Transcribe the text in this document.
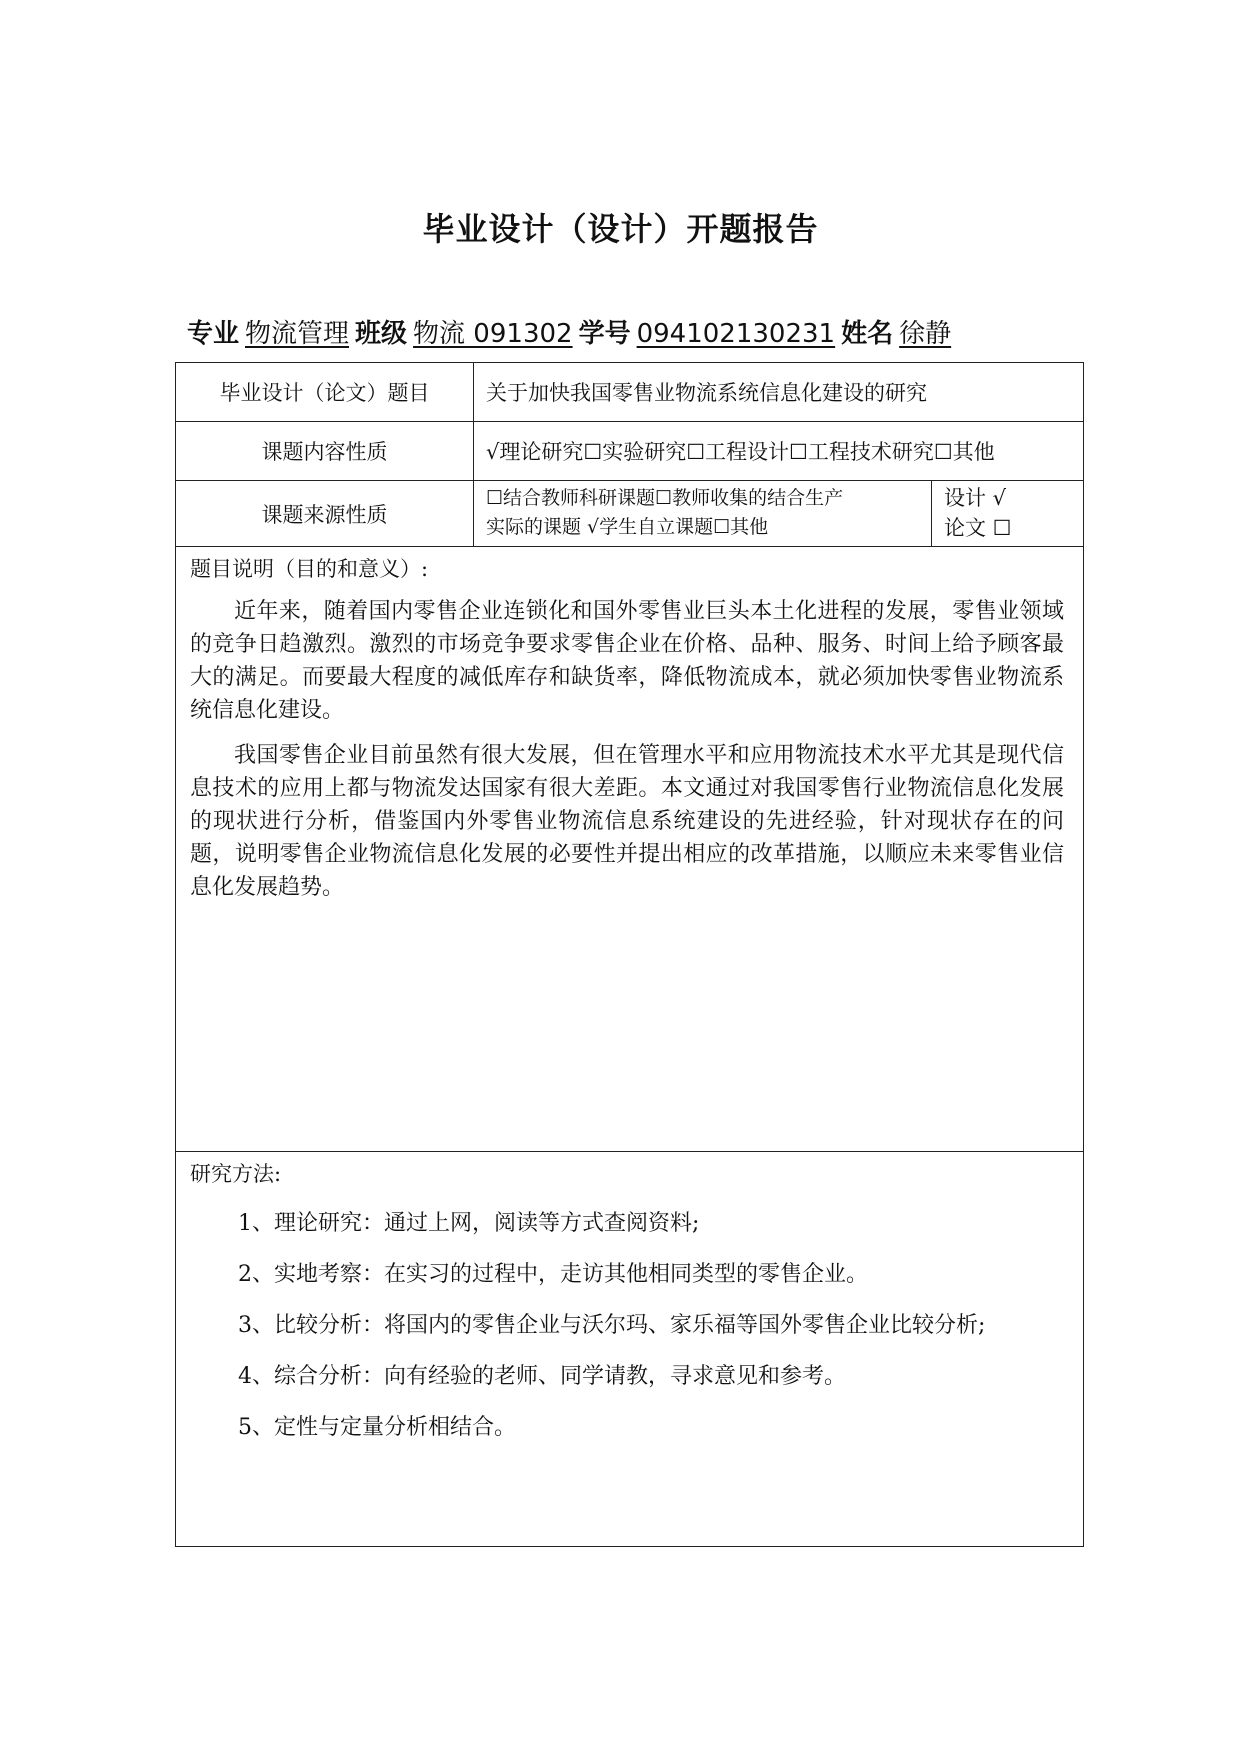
毕业设计（设计）开题报告
专业 物流管理 班级 物流 091302 学号 094102130231 姓名 徐静
毕业设计（论文）题目	关于加快我国零售业物流系统信息化建设的研究
课题内容性质	√理论研究☐实验研究☐工程设计☐工程技术研究☐其他
课题来源性质
☐结合教师科研课题☐教师收集的结合生产
实际的课题 √学生自立课题☐其他
设计 √
论文 ☐
题目说明（目的和意义）:
近年来，随着国内零售企业连锁化和国外零售业巨头本土化进程的发展，零售业领域的竞争日趋激烈。激烈的市场竞争要求零售企业在价格、品种、服务、时间上给予顾客最大的满足。而要最大程度的减低库存和缺货率，降低物流成本，就必须加快零售业物流系统信息化建设。
我国零售企业目前虽然有很大发展，但在管理水平和应用物流技术水平尤其是现代信息技术的应用上都与物流发达国家有很大差距。本文通过对我国零售行业物流信息化发展的现状进行分析，借鉴国内外零售业物流信息系统建设的先进经验，针对现状存在的问题，说明零售企业物流信息化发展的必要性并提出相应的改革措施，以顺应未来零售业信息化发展趋势。
研究方法:
1、理论研究：通过上网，阅读等方式查阅资料;
2、实地考察：在实习的过程中，走访其他相同类型的零售企业。
3、比较分析：将国内的零售企业与沃尔玛、家乐福等国外零售企业比较分析;
4、综合分析：向有经验的老师、同学请教，寻求意见和参考。
5、定性与定量分析相结合。
